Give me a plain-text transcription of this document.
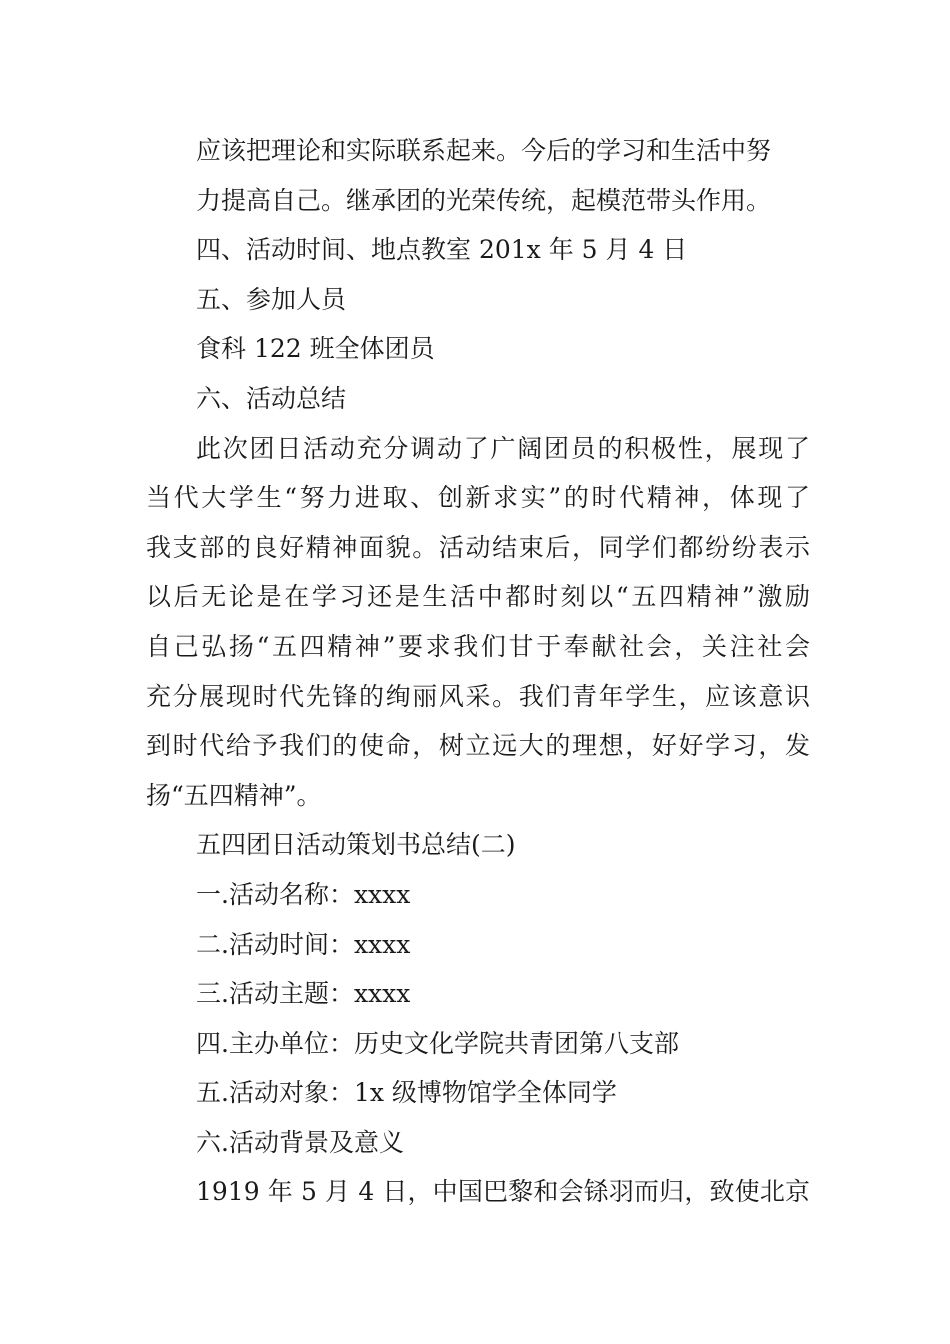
应该把理论和实际联系起来。今后的学习和生活中努
力提高自己。继承团的光荣传统，起模范带头作用。
四、活动时间、地点教室 201x 年 5 月 4 日
五、参加人员
食科 122 班全体团员
六、活动总结
此次团日活动充分调动了广阔团员的积极性，展现了
当代大学生“努力进取、创新求实”的时代精神，体现了
我支部的良好精神面貌。活动结束后，同学们都纷纷表示
以后无论是在学习还是生活中都时刻以“五四精神”激励
自己弘扬“五四精神”要求我们甘于奉献社会，关注社会
充分展现时代先锋的绚丽风采。我们青年学生，应该意识
到时代给予我们的使命，树立远大的理想，好好学习，发
扬“五四精神”。
五四团日活动策划书总结(二)
一.活动名称：xxxx
二.活动时间：xxxx
三.活动主题：xxxx
四.主办单位：历史文化学院共青团第八支部
五.活动对象：1x 级博物馆学全体同学
六.活动背景及意义
1919 年 5 月 4 日，中国巴黎和会铩羽而归，致使北京
